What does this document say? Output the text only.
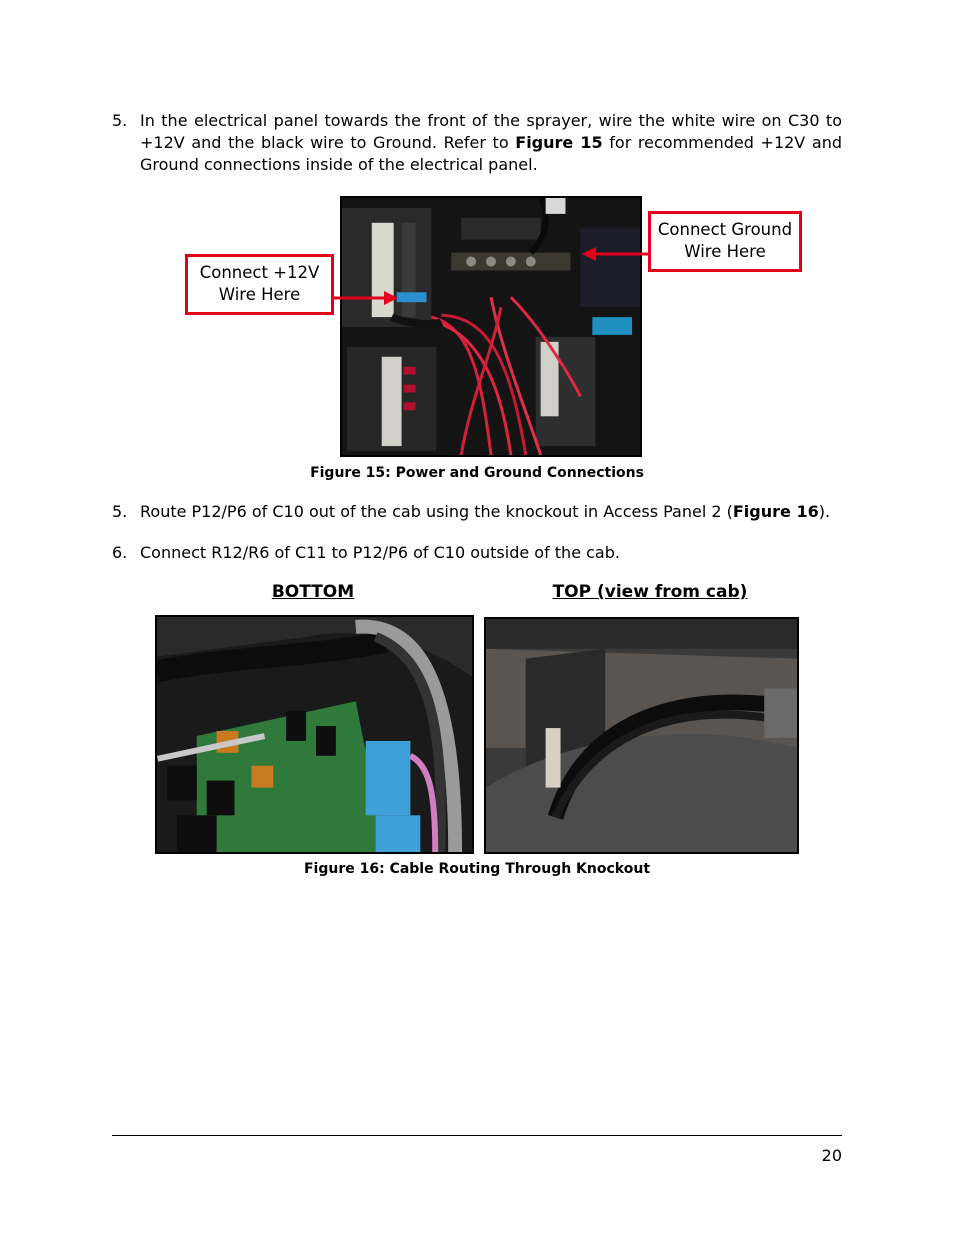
5. In the electrical panel towards the front of the sprayer, wire the white wire on C30 to +12V and the black wire to Ground. Refer to Figure 15 for recommended +12V and Ground connections inside of the electrical panel.
Connect +12V Wire Here
Connect Ground Wire Here
Figure 15: Power and Ground Connections
5. Route P12/P6 of C10 out of the cab using the knockout in Access Panel 2 (Figure 16).
6. Connect R12/R6 of C11 to P12/P6 of C10 outside of the cab.
BOTTOM	TOP (view from cab)
Figure 16: Cable Routing Through Knockout
20
